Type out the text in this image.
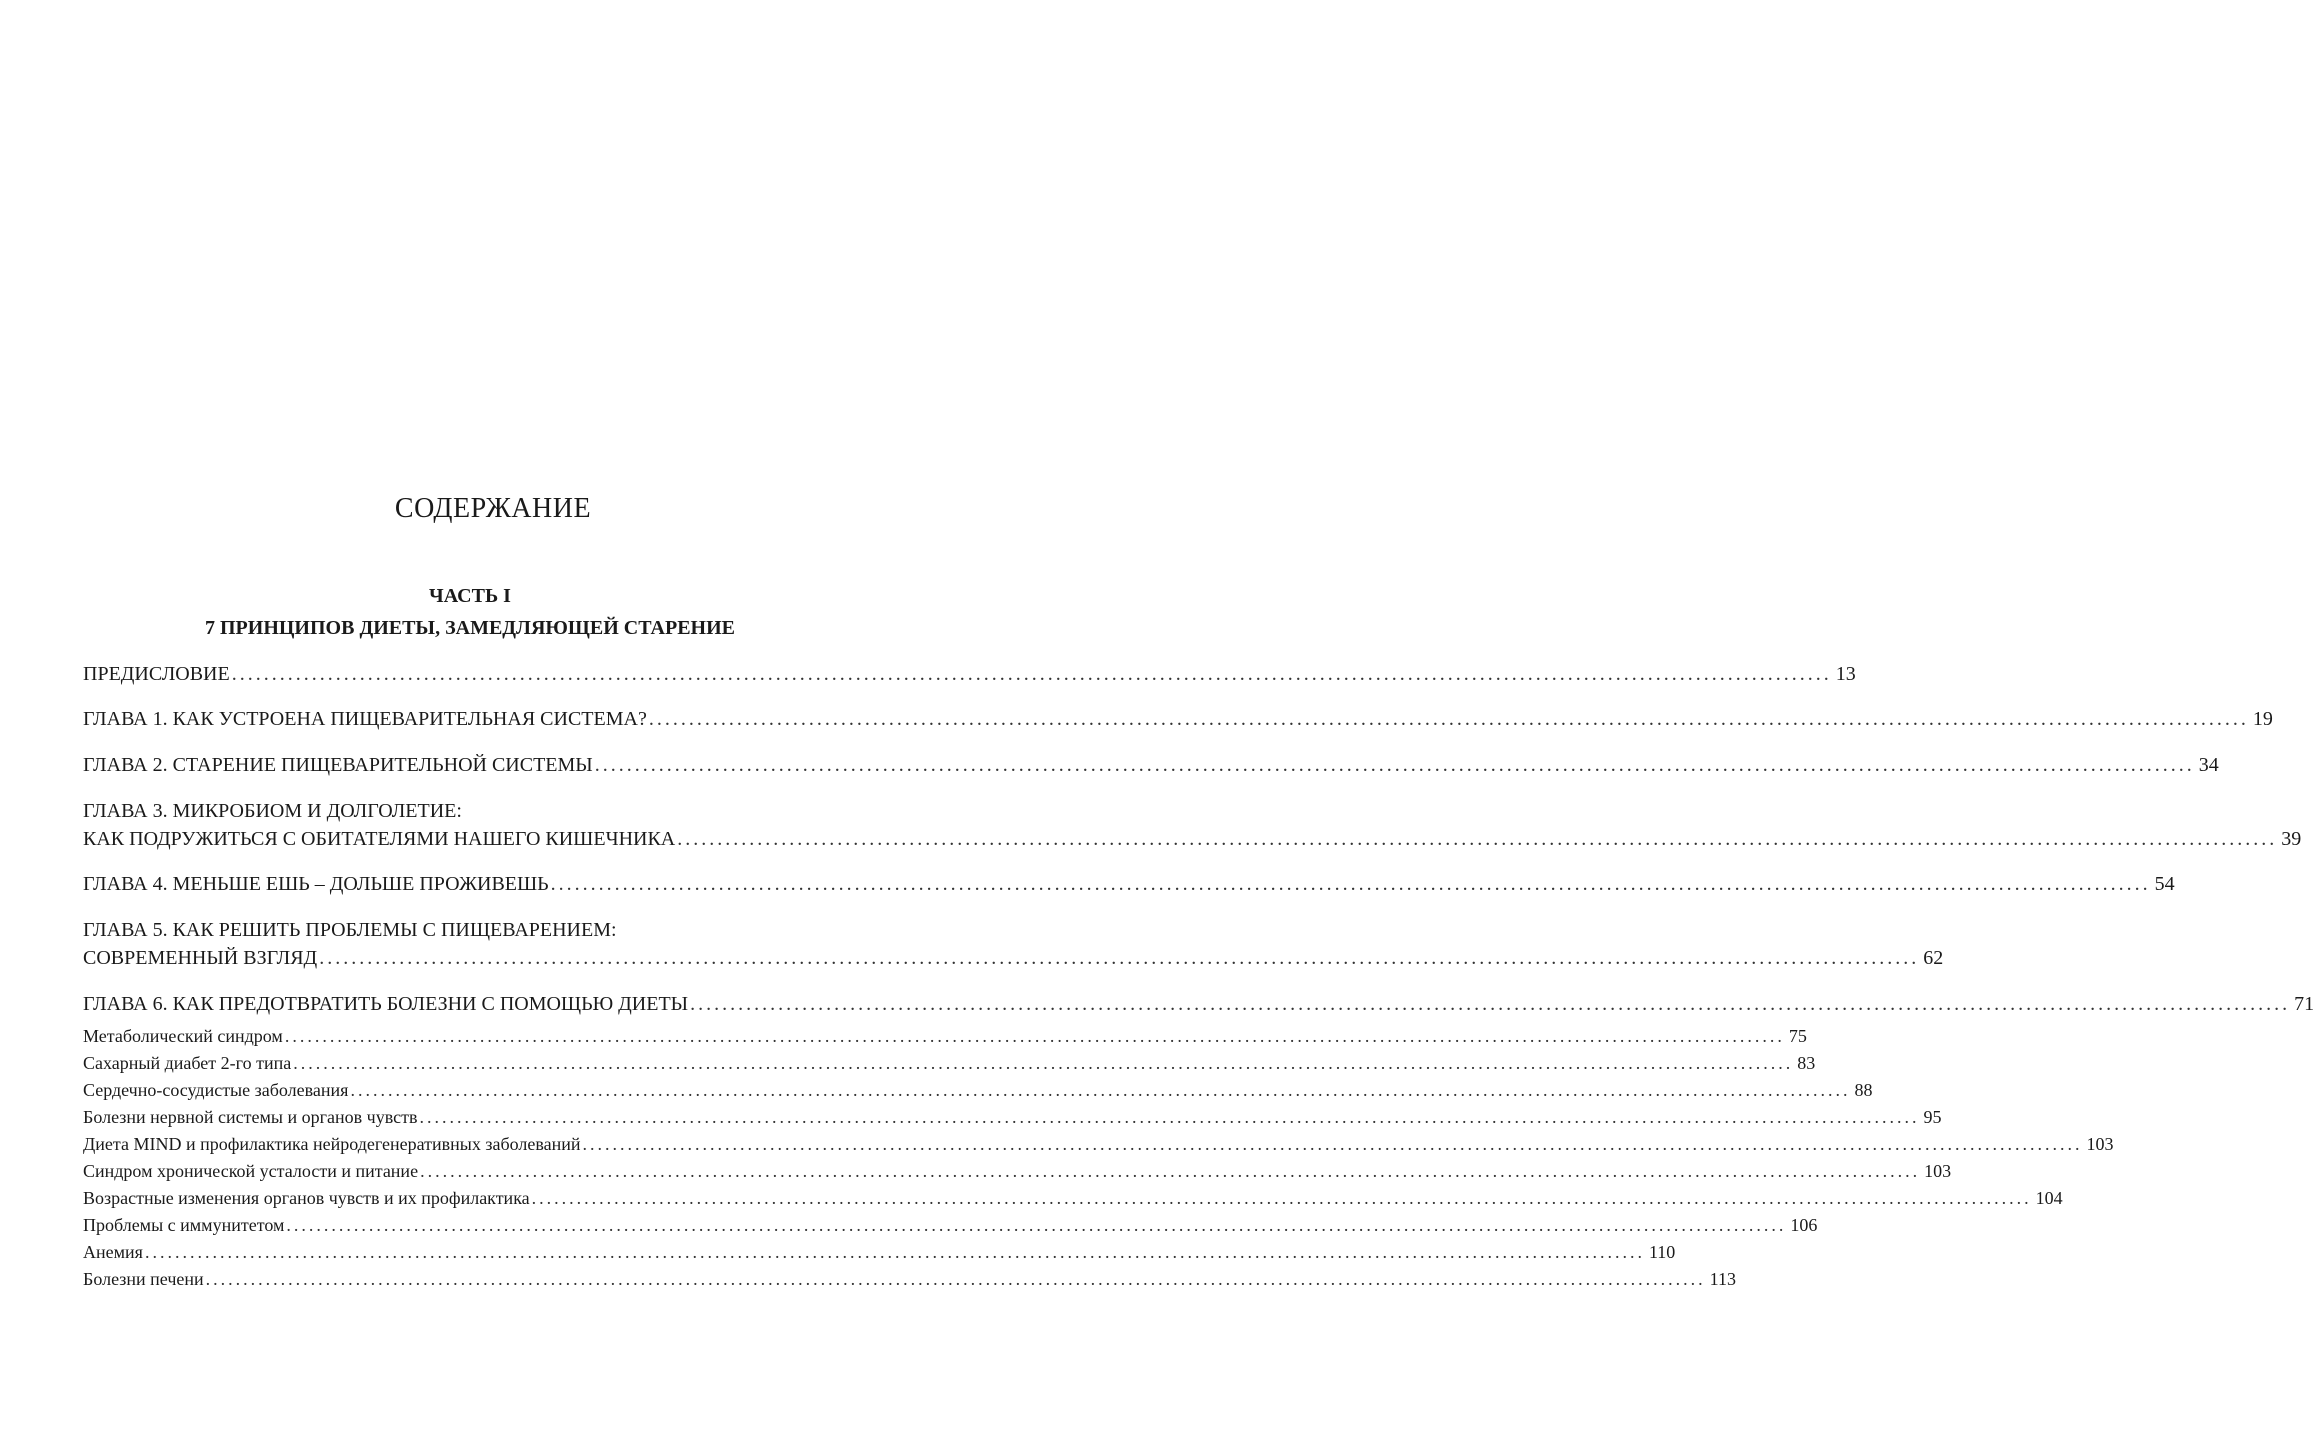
СОДЕРЖАНИЕ
ЧАСТЬ I
7 ПРИНЦИПОВ ДИЕТЫ, ЗАМЕДЛЯЮЩЕЙ СТАРЕНИЕ
ПРЕДИСЛОВИЕ ........................................................................................................................................................................................................ 13
ГЛАВА 1. КАК УСТРОЕНА ПИЩЕВАРИТЕЛЬНАЯ СИСТЕМА? ........................................................................................................................................................................................................ 19
ГЛАВА 2. СТАРЕНИЕ ПИЩЕВАРИТЕЛЬНОЙ СИСТЕМЫ ........................................................................................................................................................................................................ 34
ГЛАВА 3. МИКРОБИОМ И ДОЛГОЛЕТИЕ:
КАК ПОДРУЖИТЬСЯ С ОБИТАТЕЛЯМИ НАШЕГО КИШЕЧНИКА ........................................................................................................................................................................................................ 39
ГЛАВА 4. МЕНЬШЕ ЕШЬ – ДОЛЬШЕ ПРОЖИВЕШЬ ........................................................................................................................................................................................................ 54
ГЛАВА 5. КАК РЕШИТЬ ПРОБЛЕМЫ С ПИЩЕВАРЕНИЕМ:
СОВРЕМЕННЫЙ ВЗГЛЯД ........................................................................................................................................................................................................ 62
ГЛАВА 6. КАК ПРЕДОТВРАТИТЬ БОЛЕЗНИ С ПОМОЩЬЮ ДИЕТЫ ........................................................................................................................................................................................................ 71
Метаболический синдром ........................................................................................................................................................................................................ 75
Сахарный диабет 2-го типа ........................................................................................................................................................................................................ 83
Сердечно-сосудистые заболевания ........................................................................................................................................................................................................ 88
Болезни нервной системы и органов чувств ........................................................................................................................................................................................................ 95
Диета MIND и профилактика нейродегенеративных заболеваний ........................................................................................................................................................................................................ 103
Синдром хронической усталости и питание ........................................................................................................................................................................................................ 103
Возрастные изменения органов чувств и их профилактика ........................................................................................................................................................................................................ 104
Проблемы с иммунитетом ........................................................................................................................................................................................................ 106
Анемия ........................................................................................................................................................................................................ 110
Болезни печени ........................................................................................................................................................................................................ 113
